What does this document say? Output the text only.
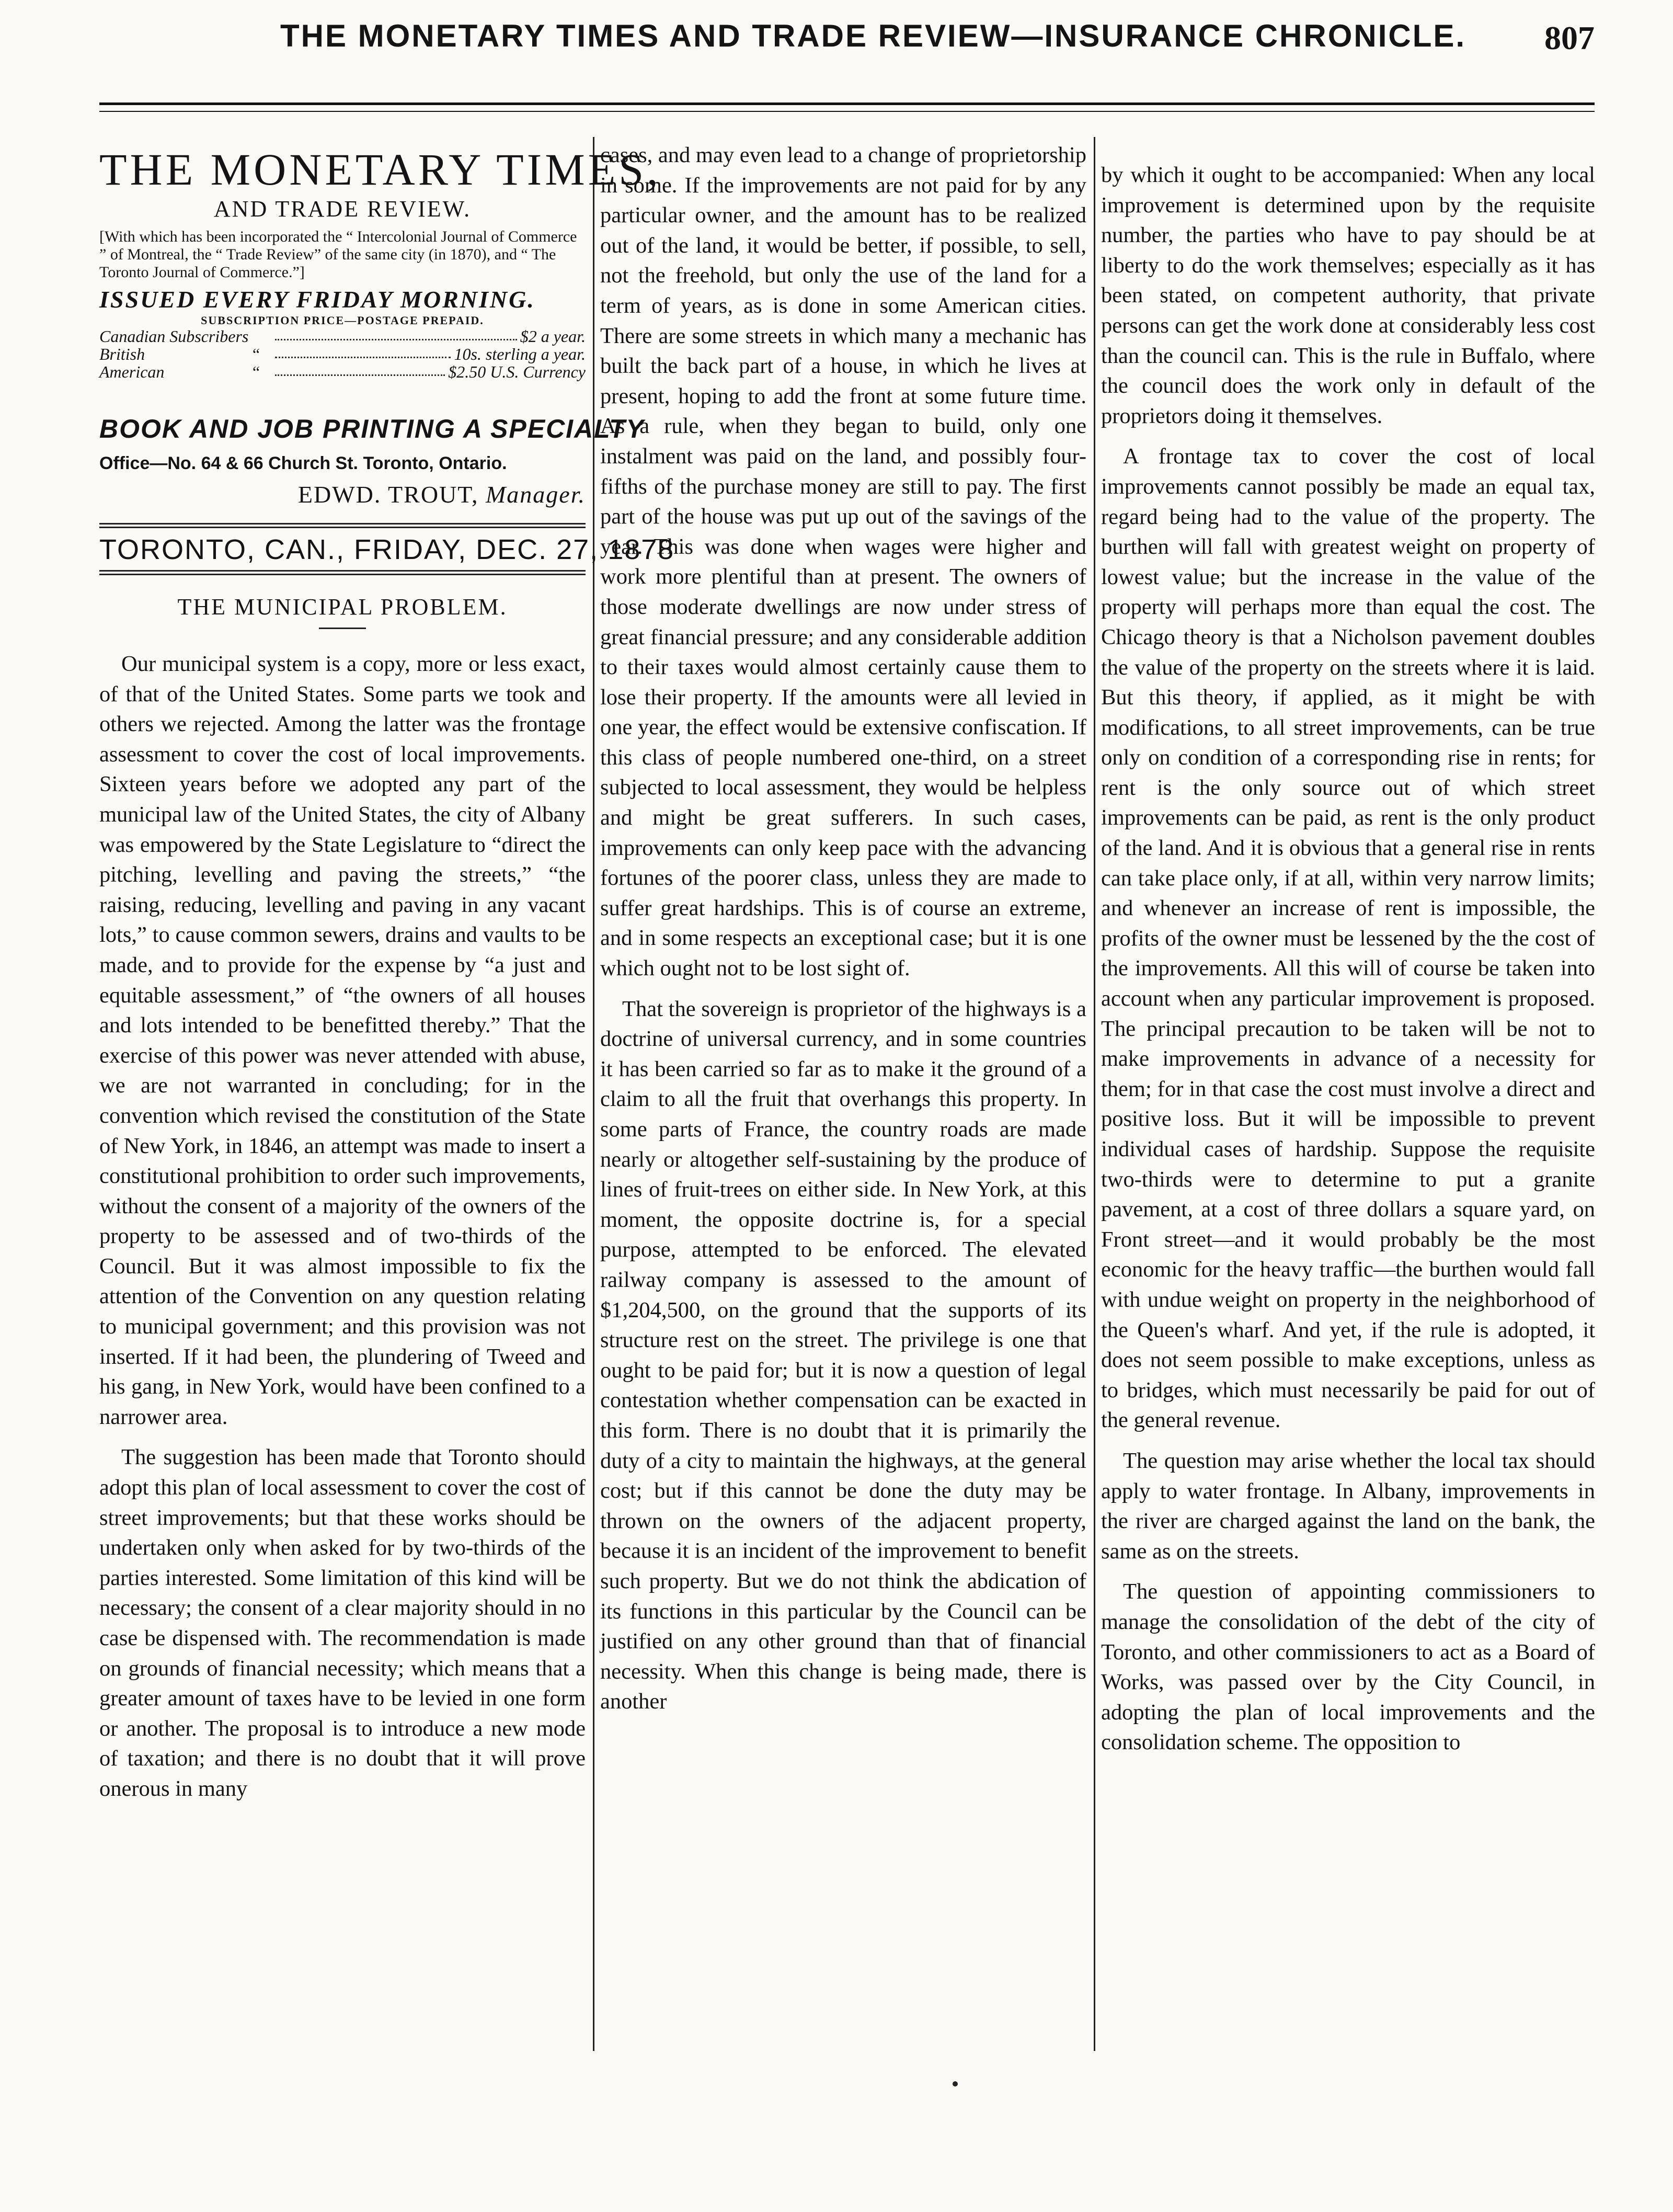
THE MONETARY TIMES AND TRADE REVIEW—INSURANCE CHRONICLE. 807
THE MONETARY TIMES,
AND TRADE REVIEW.
[With which has been incorporated the “ Intercolonial Journal of Commerce ” of Montreal, the “ Trade Review” of the same city (in 1870), and “ The Toronto Journal of Commerce.”]
ISSUED EVERY FRIDAY MORNING.
SUBSCRIPTION PRICE—POSTAGE PREPAID.
Canadian Subscribers	$2 a year.
British	“	10s. sterling a year.
American	“	$2.50 U.S. Currency
BOOK AND JOB PRINTING A SPECIALTY
Office—No. 64 & 66 Church St. Toronto, Ontario.
EDWD. TROUT, Manager.
TORONTO, CAN., FRIDAY, DEC. 27, 1878
THE MUNICIPAL PROBLEM.

Our municipal system is a copy, more or less exact, of that of the United States. Some parts we took and others we rejected. Among the latter was the frontage assessment to cover the cost of local improvements. Sixteen years before we adopted any part of the municipal law of the United States, the city of Albany was empowered by the State Legislature to “direct the pitching, levelling and paving the streets,” “the raising, reducing, levelling and paving in any vacant lots,” to cause common sewers, drains and vaults to be made, and to provide for the expense by “a just and equitable assessment,” of “the owners of all houses and lots intended to be benefitted thereby.” That the exercise of this power was never attended with abuse, we are not warranted in concluding; for in the convention which revised the constitution of the State of New York, in 1846, an attempt was made to insert a constitutional prohibition to order such improvements, without the consent of a majority of the owners of the property to be assessed and of two-thirds of the Council. But it was almost impossible to fix the attention of the Convention on any question relating to municipal government; and this provision was not inserted. If it had been, the plundering of Tweed and his gang, in New York, would have been confined to a narrower area.

The suggestion has been made that Toronto should adopt this plan of local assessment to cover the cost of street improvements; but that these works should be undertaken only when asked for by two-thirds of the parties interested. Some limitation of this kind will be necessary; the consent of a clear majority should in no case be dispensed with. The recommendation is made on grounds of financial necessity; which means that a greater amount of taxes have to be levied in one form or another. The proposal is to introduce a new mode of taxation; and there is no doubt that it will prove onerous in many

cases, and may even lead to a change of proprietorship in some. If the improvements are not paid for by any particular owner, and the amount has to be realized out of the land, it would be better, if possible, to sell, not the freehold, but only the use of the land for a term of years, as is done in some American cities. There are some streets in which many a mechanic has built the back part of a house, in which he lives at present, hoping to add the front at some future time. As a rule, when they began to build, only one instalment was paid on the land, and possibly four-fifths of the purchase money are still to pay. The first part of the house was put up out of the savings of the year. This was done when wages were higher and work more plentiful than at present. The owners of those moderate dwellings are now under stress of great financial pressure; and any considerable addition to their taxes would almost certainly cause them to lose their property. If the amounts were all levied in one year, the effect would be extensive confiscation. If this class of people numbered one-third, on a street subjected to local assessment, they would be helpless and might be great sufferers. In such cases, improvements can only keep pace with the advancing fortunes of the poorer class, unless they are made to suffer great hardships. This is of course an extreme, and in some respects an exceptional case; but it is one which ought not to be lost sight of.

That the sovereign is proprietor of the highways is a doctrine of universal currency, and in some countries it has been carried so far as to make it the ground of a claim to all the fruit that overhangs this property. In some parts of France, the country roads are made nearly or altogether self-sustaining by the produce of lines of fruit-trees on either side. In New York, at this moment, the opposite doctrine is, for a special purpose, attempted to be enforced. The elevated railway company is assessed to the amount of $1,204,500, on the ground that the supports of its structure rest on the street. The privilege is one that ought to be paid for; but it is now a question of legal contestation whether compensation can be exacted in this form. There is no doubt that it is primarily the duty of a city to maintain the highways, at the general cost; but if this cannot be done the duty may be thrown on the owners of the adjacent property, because it is an incident of the improvement to benefit such property. But we do not think the abdication of its functions in this particular by the Council can be justified on any other ground than that of financial necessity. When this change is being made, there is another

by which it ought to be accompanied: When any local improvement is determined upon by the requisite number, the parties who have to pay should be at liberty to do the work themselves; especially as it has been stated, on competent authority, that private persons can get the work done at considerably less cost than the council can. This is the rule in Buffalo, where the council does the work only in default of the proprietors doing it themselves.

A frontage tax to cover the cost of local improvements cannot possibly be made an equal tax, regard being had to the value of the property. The burthen will fall with greatest weight on property of lowest value; but the increase in the value of the property will perhaps more than equal the cost. The Chicago theory is that a Nicholson pavement doubles the value of the property on the streets where it is laid. But this theory, if applied, as it might be with modifications, to all street improvements, can be true only on condition of a corresponding rise in rents; for rent is the only source out of which street improvements can be paid, as rent is the only product of the land. And it is obvious that a general rise in rents can take place only, if at all, within very narrow limits; and whenever an increase of rent is impossible, the profits of the owner must be lessened by the the cost of the improvements. All this will of course be taken into account when any particular improvement is proposed. The principal precaution to be taken will be not to make improvements in advance of a necessity for them; for in that case the cost must involve a direct and positive loss. But it will be impossible to prevent individual cases of hardship. Suppose the requisite two-thirds were to determine to put a granite pavement, at a cost of three dollars a square yard, on Front street—and it would probably be the most economic for the heavy traffic—the burthen would fall with undue weight on property in the neighborhood of the Queen's wharf. And yet, if the rule is adopted, it does not seem possible to make exceptions, unless as to bridges, which must necessarily be paid for out of the general revenue.

The question may arise whether the local tax should apply to water frontage. In Albany, improvements in the river are charged against the land on the bank, the same as on the streets.

The question of appointing commissioners to manage the consolidation of the debt of the city of Toronto, and other commissioners to act as a Board of Works, was passed over by the City Council, in adopting the plan of local improvements and the consolidation scheme. The opposition to
